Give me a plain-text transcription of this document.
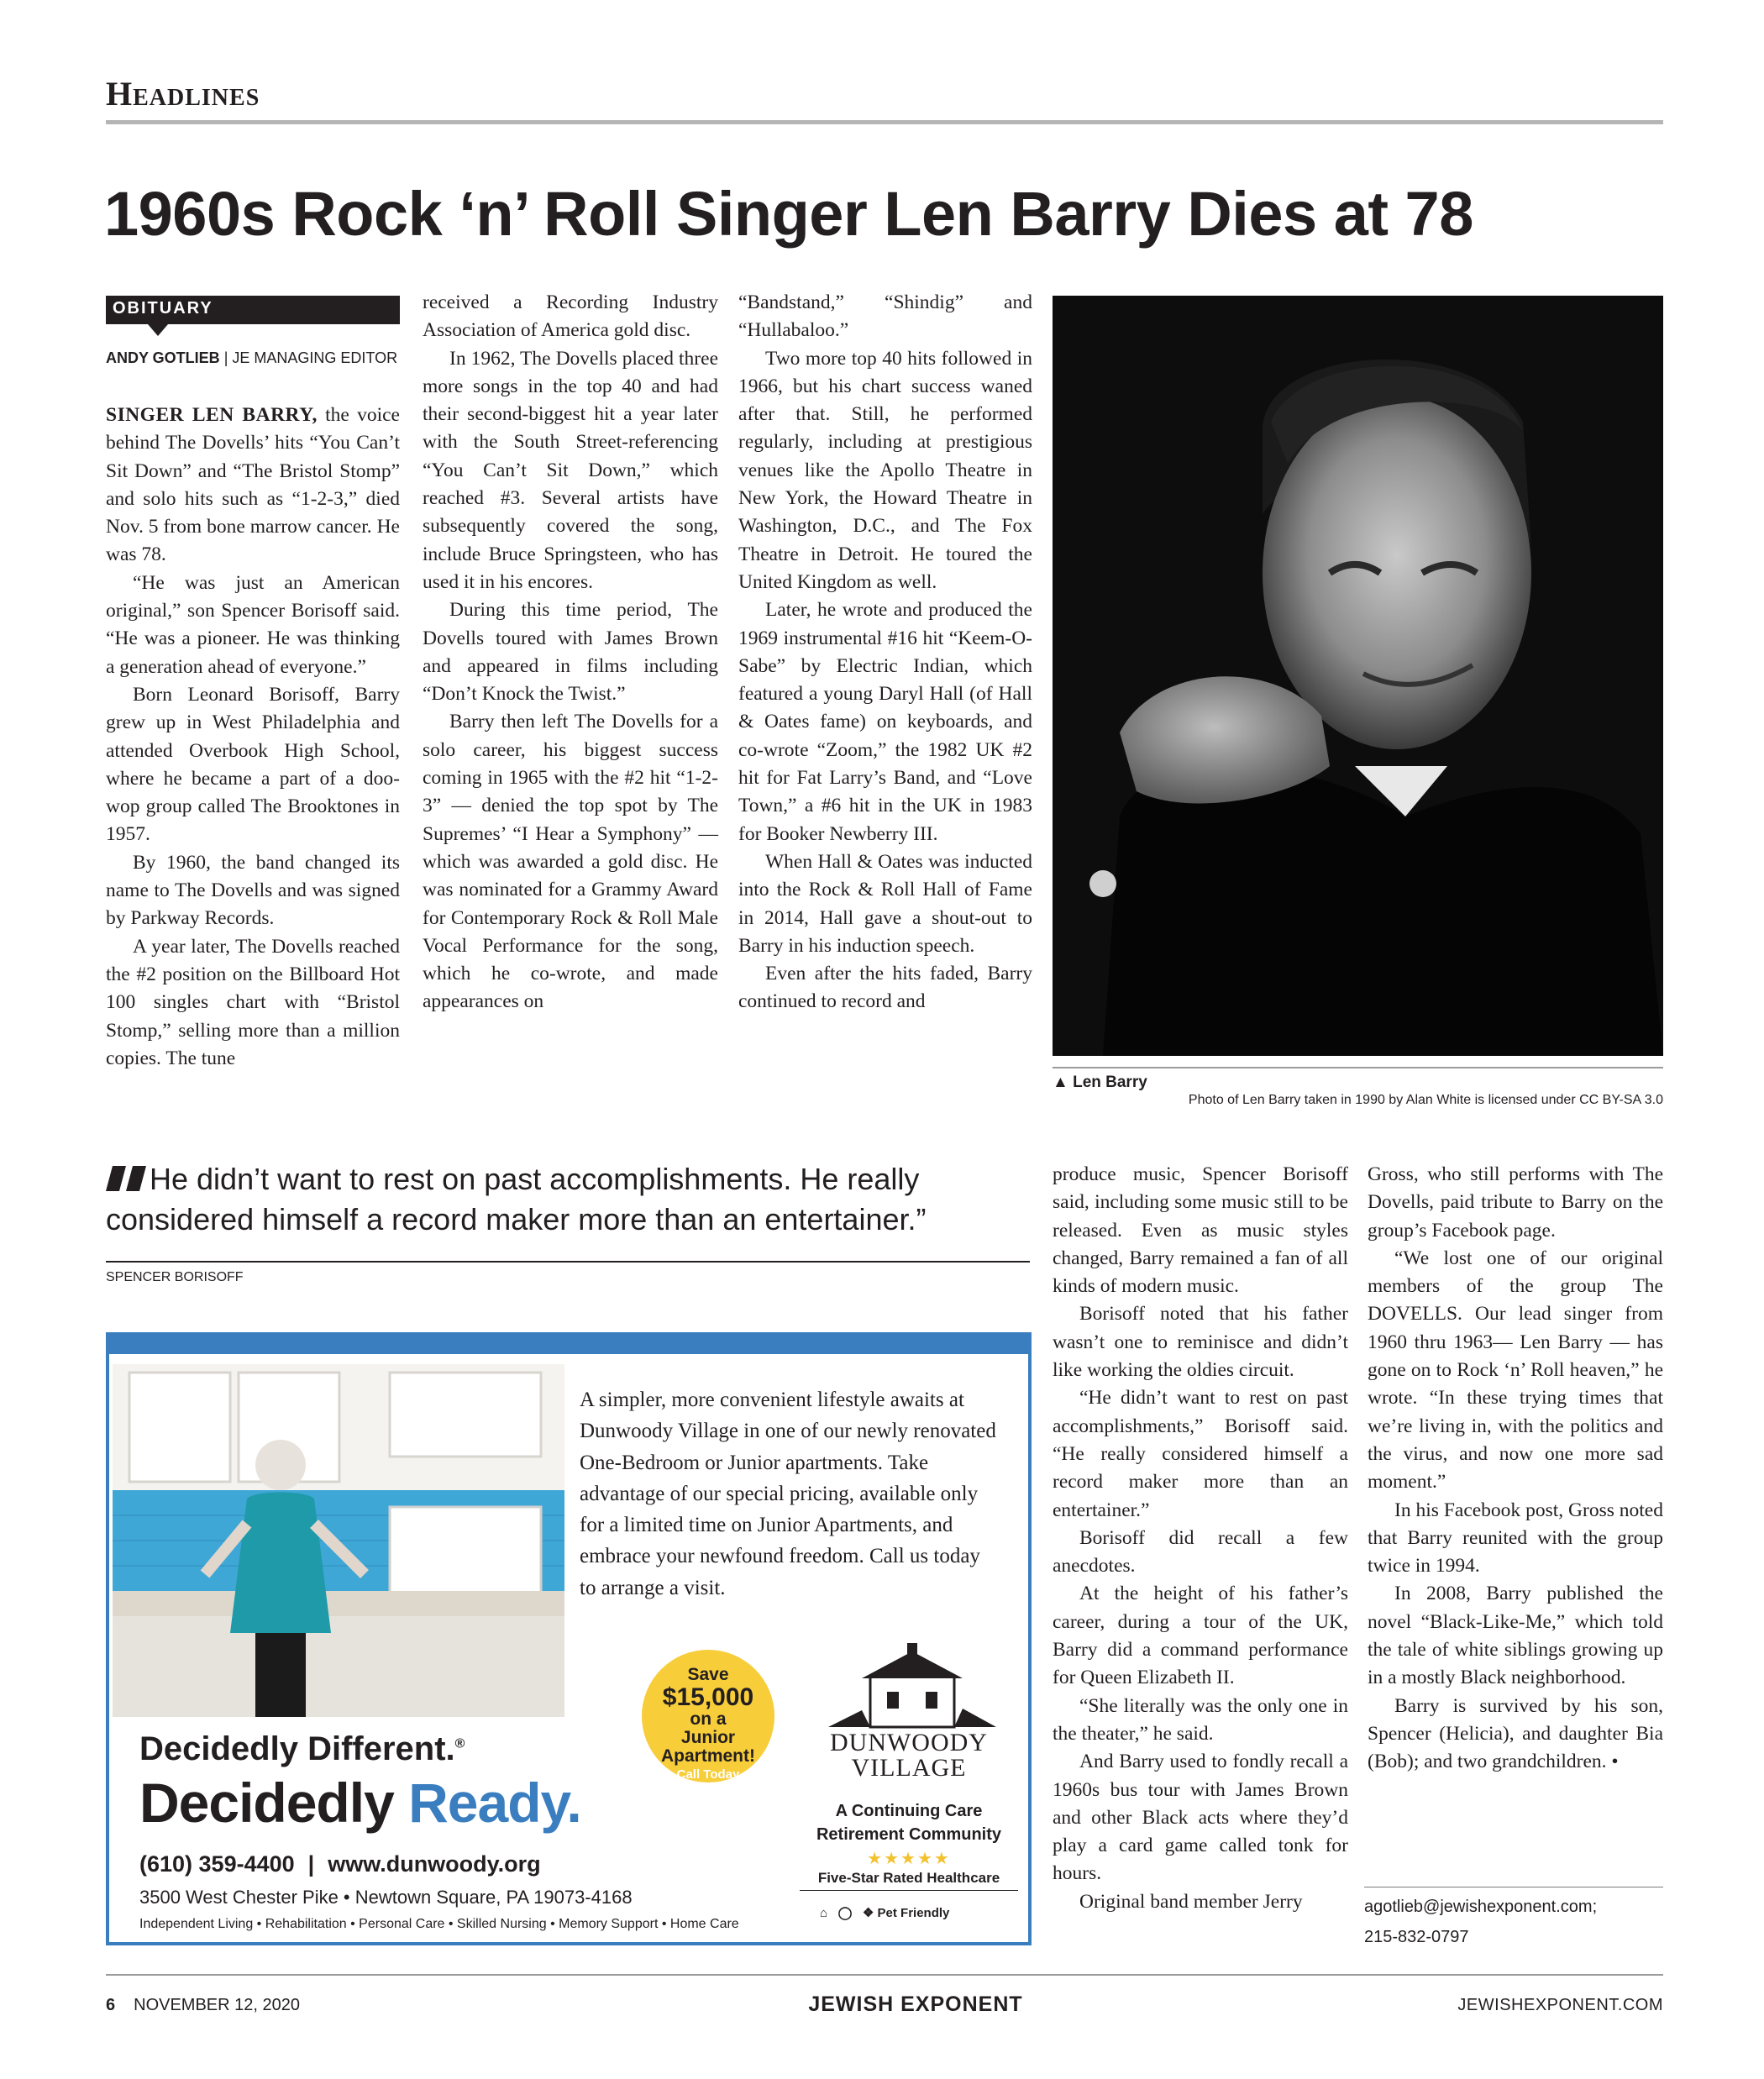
Headlines
1960s Rock ‘n’ Roll Singer Len Barry Dies at 78
OBITUARY
ANDY GOTLIEB | JE MANAGING EDITOR

SINGER LEN BARRY, the voice behind The Dovells’ hits “You Can’t Sit Down” and “The Bristol Stomp” and solo hits such as “1-2-3,” died Nov. 5 from bone marrow cancer. He was 78.

“He was just an American original,” son Spencer Borisoff said. “He was a pioneer. He was thinking a generation ahead of everyone.”

Born Leonard Borisoff, Barry grew up in West Philadelphia and attended Overbook High School, where he became a part of a doo-wop group called The Brooktones in 1957.

By 1960, the band changed its name to The Dovells and was signed by Parkway Records.

A year later, The Dovells reached the #2 position on the Billboard Hot 100 singles chart with “Bristol Stomp,” selling more than a million copies. The tune

received a Recording Industry Association of America gold disc.

In 1962, The Dovells placed three more songs in the top 40 and had their second-biggest hit a year later with the South Street-referencing “You Can’t Sit Down,” which reached #3. Several artists have subsequently covered the song, include Bruce Springsteen, who has used it in his encores.

During this time period, The Dovells toured with James Brown and appeared in films including “Don’t Knock the Twist.”

Barry then left The Dovells for a solo career, his biggest success coming in 1965 with the #2 hit “1-2-3” — denied the top spot by The Supremes’ “I Hear a Symphony” — which was awarded a gold disc. He was nominated for a Grammy Award for Contemporary Rock & Roll Male Vocal Performance for the song, which he co-wrote, and made appearances on

“Bandstand,” “Shindig” and “Hullabaloo.”

Two more top 40 hits followed in 1966, but his chart success waned after that. Still, he performed regularly, including at prestigious venues like the Apollo Theatre in New York, the Howard Theatre in Washington, D.C., and The Fox Theatre in Detroit. He toured the United Kingdom as well.

Later, he wrote and produced the 1969 instrumental #16 hit “Keem-O-Sabe” by Electric Indian, which featured a young Daryl Hall (of Hall & Oates fame) on keyboards, and co-wrote “Zoom,” the 1982 UK #2 hit for Fat Larry’s Band, and “Love Town,” a #6 hit in the UK in 1983 for Booker Newberry III.

When Hall & Oates was inducted into the Rock & Roll Hall of Fame in 2014, Hall gave a shout-out to Barry in his induction speech.

Even after the hits faded, Barry continued to record and

▲ Len Barry
Photo of Len Barry taken in 1990 by Alan White is licensed under CC BY-SA 3.0
He didn’t want to rest on past accomplishments. He really considered himself a record maker more than an entertainer.”
SPENCER BORISOFF
A simpler, more convenient lifestyle awaits at Dunwoody Village in one of our newly renovated One-Bedroom or Junior apartments. Take advantage of our special pricing, available only for a limited time on Junior Apartments, and embrace your newfound freedom. Call us today to arrange a visit.
Save
$15,000
on a
Junior
Apartment!
Call Today
Decidedly Different.®
Decidedly Ready.
(610) 359-4400 | www.dunwoody.org
3500 West Chester Pike • Newtown Square, PA 19073-4168
Independent Living • Rehabilitation • Personal Care • Skilled Nursing • Memory Support • Home Care
DUNWOODY
VILLAGE
A Continuing Care
Retirement Community
★★★★★
Five-Star Rated Healthcare
⌂ ◯ ❖ Pet Friendly

produce music, Spencer Borisoff said, including some music still to be released. Even as music styles changed, Barry remained a fan of all kinds of modern music.

Borisoff noted that his father wasn’t one to reminisce and didn’t like working the oldies circuit.

“He didn’t want to rest on past accomplishments,” Borisoff said. “He really considered himself a record maker more than an entertainer.”

Borisoff did recall a few anecdotes.

At the height of his father’s career, during a tour of the UK, Barry did a command performance for Queen Elizabeth II.

“She literally was the only one in the theater,” he said.

And Barry used to fondly recall a 1960s bus tour with James Brown and other Black acts where they’d play a card game called tonk for hours.

Original band member Jerry

Gross, who still performs with The Dovells, paid tribute to Barry on the group’s Facebook page.

“We lost one of our original members of the group The DOVELLS. Our lead singer from 1960 thru 1963— Len Barry — has gone on to Rock ‘n’ Roll heaven,” he wrote. “In these trying times that we’re living in, with the politics and the virus, and now one more sad moment.”

In his Facebook post, Gross noted that Barry reunited with the group twice in 1994.

In 2008, Barry published the novel “Black-Like-Me,” which told the tale of white siblings growing up in a mostly Black neighborhood.

Barry is survived by his son, Spencer (Helicia), and daughter Bia (Bob); and two grandchildren. •

agotlieb@jewishexponent.com;
215-832-0797
6 NOVEMBER 12, 2020	JEWISH EXPONENT	JEWISHEXPONENT.COM
